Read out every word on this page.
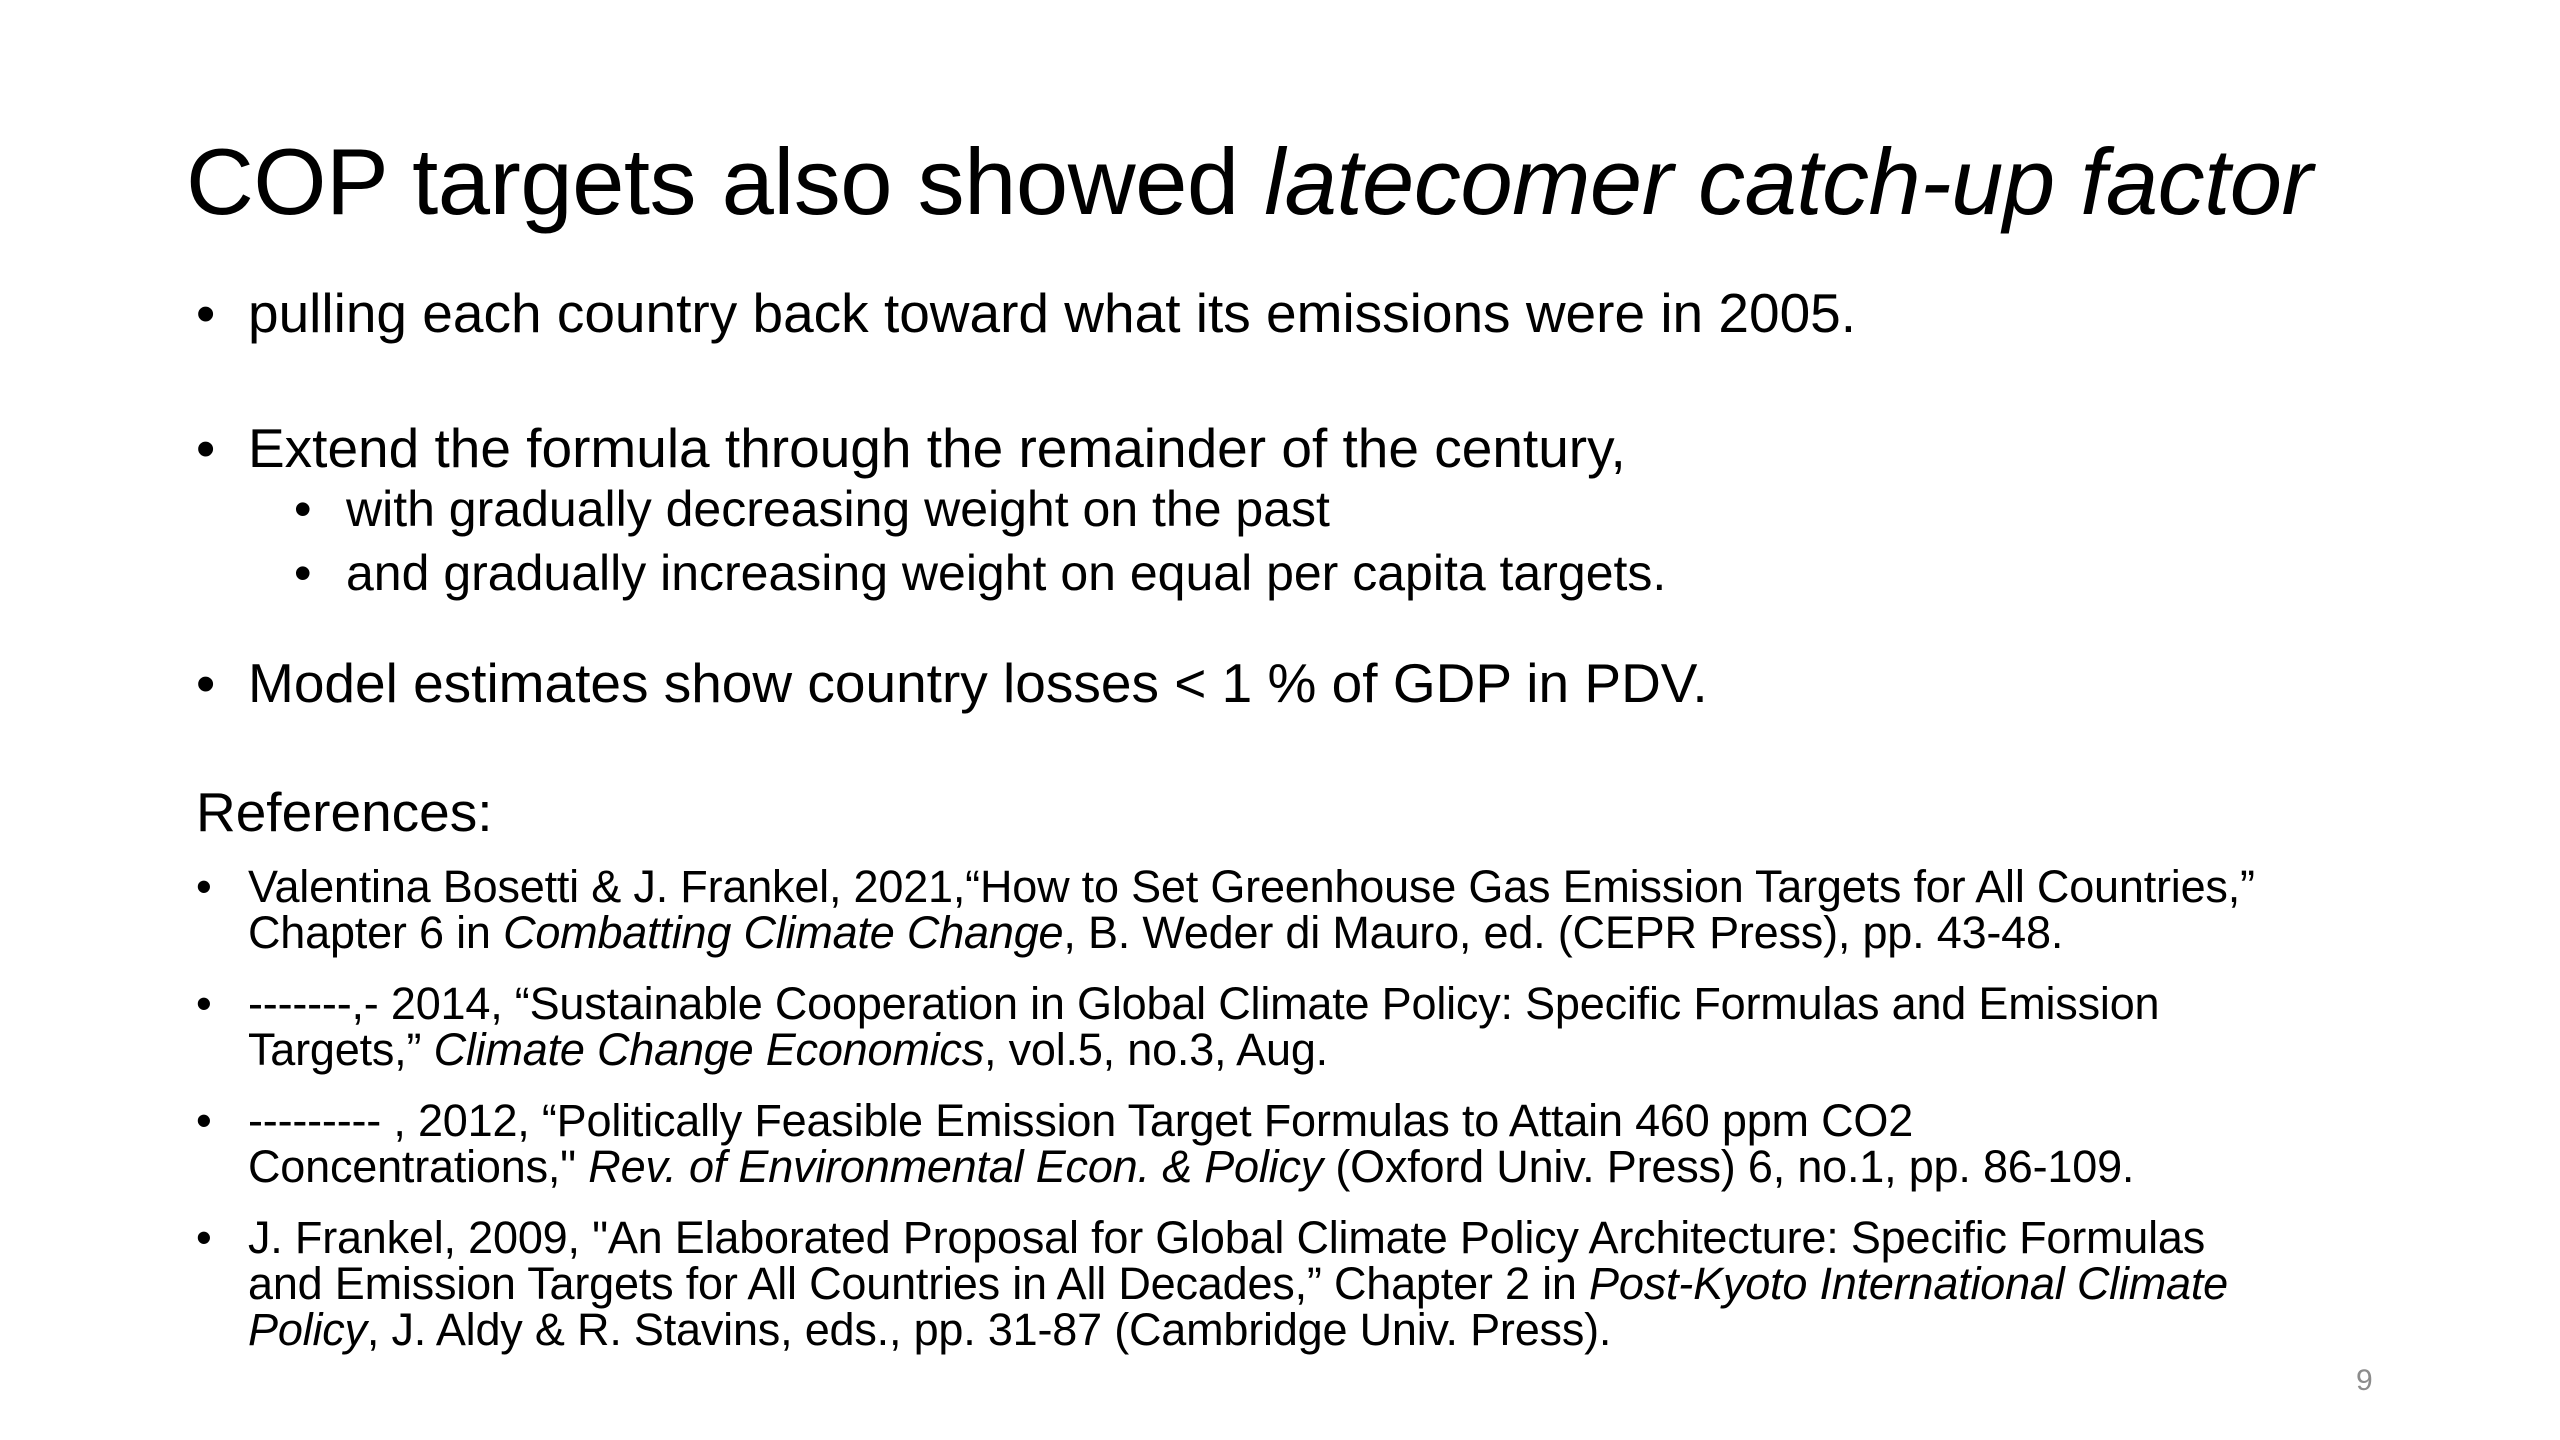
COP targets also showed latecomer catch-up factor
• pulling each country back toward what its emissions were in 2005.
• Extend the formula through the remainder of the century,
• with gradually decreasing weight on the past
• and gradually increasing weight on equal per capita targets.
• Model estimates show country losses < 1 % of GDP in PDV.
References:
• Valentina Bosetti & J. Frankel, 2021,“How to Set Greenhouse Gas Emission Targets for All Countries,”
Chapter 6 in Combatting Climate Change, B. Weder di Mauro, ed. (CEPR Press), pp. 43-48.
• -------,- 2014, “Sustainable Cooperation in Global Climate Policy: Specific Formulas and Emission
Targets,” Climate Change Economics, vol.5, no.3, Aug.
• --------- , 2012, “Politically Feasible Emission Target Formulas to Attain 460 ppm CO2
Concentrations," Rev. of Environmental Econ. & Policy (Oxford Univ. Press) 6, no.1, pp. 86-109.
• J. Frankel, 2009, "An Elaborated Proposal for Global Climate Policy Architecture: Specific Formulas
and Emission Targets for All Countries in All Decades,” Chapter 2 in Post-Kyoto International Climate
Policy, J. Aldy & R. Stavins, eds., pp. 31-87 (Cambridge Univ. Press).
9
